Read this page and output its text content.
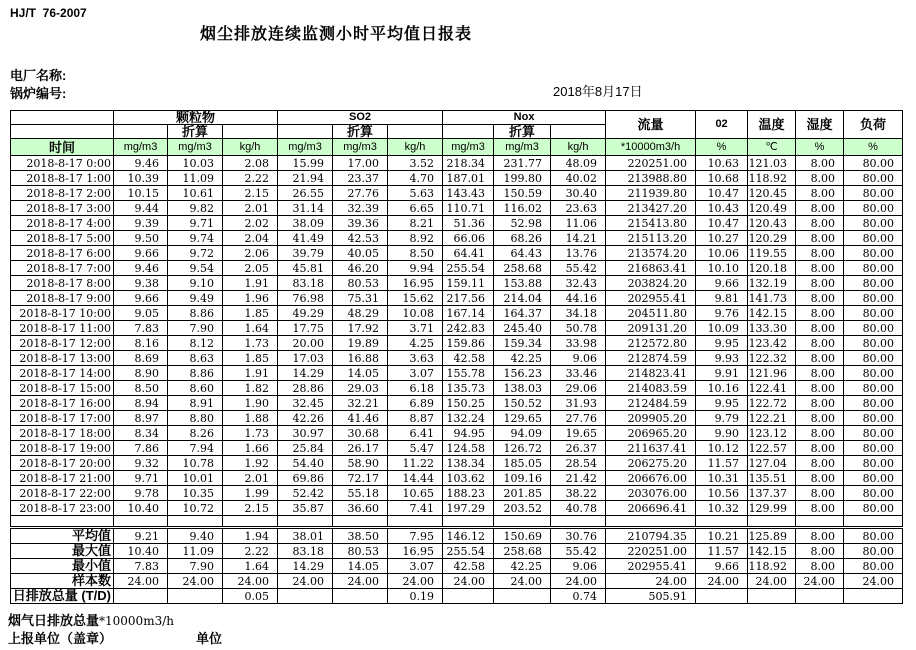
HJ/T  76-2007
烟尘排放连续监测小时平均值日报表
电厂名称:
锅炉编号:	2018年8月17日
	颗粒物			SO2			Nox			流量	02	温度	湿度	负荷
		折算			折算			折算						
时间	mg/m3	mg/m3	kg/h	mg/m3	mg/m3	kg/h	mg/m3	mg/m3	kg/h	*10000m3/h	%	℃	%	%
2018-8-17 0:00	9.46	10.03	2.08	15.99	17.00	3.52	218.34	231.77	48.09	220251.00	10.63	121.03	8.00	80.00
2018-8-17 1:00	10.39	11.09	2.22	21.94	23.37	4.70	187.01	199.80	40.02	213988.80	10.68	118.92	8.00	80.00
2018-8-17 2:00	10.15	10.61	2.15	26.55	27.76	5.63	143.43	150.59	30.40	211939.80	10.47	120.45	8.00	80.00
2018-8-17 3:00	9.44	9.82	2.01	31.14	32.39	6.65	110.71	116.02	23.63	213427.20	10.43	120.49	8.00	80.00
2018-8-17 4:00	9.39	9.71	2.02	38.09	39.36	8.21	51.36	52.98	11.06	215413.80	10.47	120.43	8.00	80.00
2018-8-17 5:00	9.50	9.74	2.04	41.49	42.53	8.92	66.06	68.26	14.21	215113.20	10.27	120.29	8.00	80.00
2018-8-17 6:00	9.66	9.72	2.06	39.79	40.05	8.50	64.41	64.43	13.76	213574.20	10.06	119.55	8.00	80.00
2018-8-17 7:00	9.46	9.54	2.05	45.81	46.20	9.94	255.54	258.68	55.42	216863.41	10.10	120.18	8.00	80.00
2018-8-17 8:00	9.38	9.10	1.91	83.18	80.53	16.95	159.11	153.88	32.43	203824.20	9.66	132.19	8.00	80.00
2018-8-17 9:00	9.66	9.49	1.96	76.98	75.31	15.62	217.56	214.04	44.16	202955.41	9.81	141.73	8.00	80.00
2018-8-17 10:00	9.05	8.86	1.85	49.29	48.29	10.08	167.14	164.37	34.18	204511.80	9.76	142.15	8.00	80.00
2018-8-17 11:00	7.83	7.90	1.64	17.75	17.92	3.71	242.83	245.40	50.78	209131.20	10.09	133.30	8.00	80.00
2018-8-17 12:00	8.16	8.12	1.73	20.00	19.89	4.25	159.86	159.34	33.98	212572.80	9.95	123.42	8.00	80.00
2018-8-17 13:00	8.69	8.63	1.85	17.03	16.88	3.63	42.58	42.25	9.06	212874.59	9.93	122.32	8.00	80.00
2018-8-17 14:00	8.90	8.86	1.91	14.29	14.05	3.07	155.78	156.23	33.46	214823.41	9.91	121.96	8.00	80.00
2018-8-17 15:00	8.50	8.60	1.82	28.86	29.03	6.18	135.73	138.03	29.06	214083.59	10.16	122.41	8.00	80.00
2018-8-17 16:00	8.94	8.91	1.90	32.45	32.21	6.89	150.25	150.52	31.93	212484.59	9.95	122.72	8.00	80.00
2018-8-17 17:00	8.97	8.80	1.88	42.26	41.46	8.87	132.24	129.65	27.76	209905.20	9.79	122.21	8.00	80.00
2018-8-17 18:00	8.34	8.26	1.73	30.97	30.68	6.41	94.95	94.09	19.65	206965.20	9.90	123.12	8.00	80.00
2018-8-17 19:00	7.86	7.94	1.66	25.84	26.17	5.47	124.58	126.72	26.37	211637.41	10.12	122.57	8.00	80.00
2018-8-17 20:00	9.32	10.78	1.92	54.40	58.90	11.22	138.34	185.05	28.54	206275.20	11.57	127.04	8.00	80.00
2018-8-17 21:00	9.71	10.01	2.01	69.86	72.17	14.44	103.62	109.16	21.42	206676.00	10.31	135.51	8.00	80.00
2018-8-17 22:00	9.78	10.35	1.99	52.42	55.18	10.65	188.23	201.85	38.22	203076.00	10.56	137.37	8.00	80.00
2018-8-17 23:00	10.40	10.72	2.15	35.87	36.60	7.41	197.29	203.52	40.78	206696.41	10.32	129.99	8.00	80.00

平均值	9.21	9.40	1.94	38.01	38.50	7.95	146.12	150.69	30.76	210794.35	10.21	125.89	8.00	80.00

最大值	10.40	11.09	2.22	83.18	80.53	16.95	255.54	258.68	55.42	220251.00	11.57	142.15	8.00	80.00

最小值	7.83	7.90	1.64	14.29	14.05	3.07	42.58	42.25	9.06	202955.41	9.66	118.92	8.00	80.00

样本数	24.00	24.00	24.00	24.00	24.00	24.00	24.00	24.00	24.00	24.00	24.00	24.00	24.00	24.00

日排放总量 (T/D)			0.05			0.19			0.74	505.91				
烟气日排放总量*10000m3/h
上报单位（盖章）	单位
